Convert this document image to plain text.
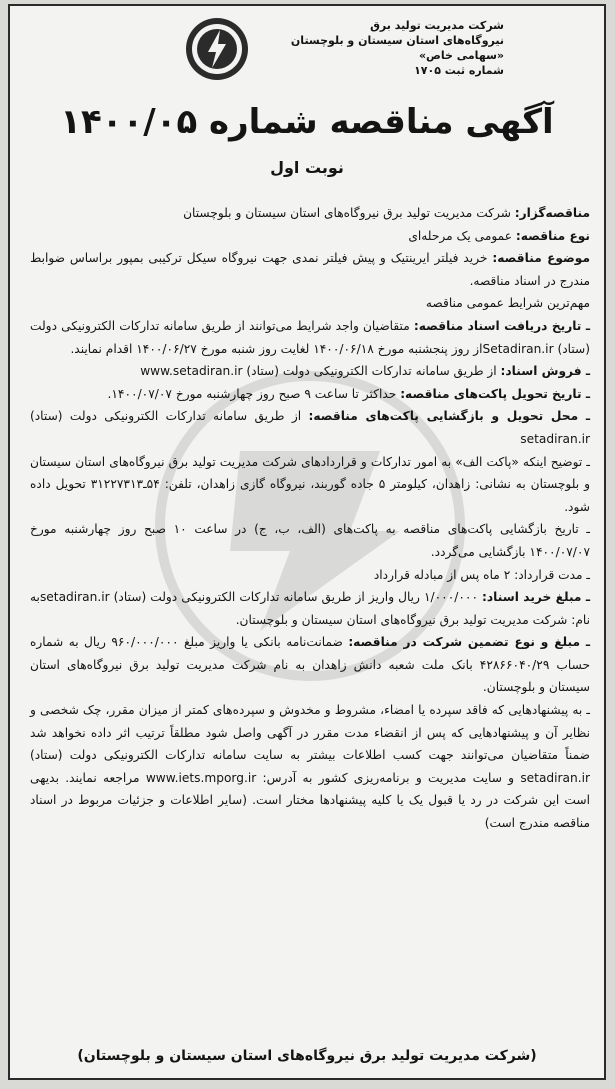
شرکت مدیریت تولید برق
نیروگاه‌های استان سیستان و بلوچستان
«سهامی خاص»
شماره ثبت ۱۷۰۵
آگهی مناقصه شماره ۱۴۰۰/۰۵
نوبت اول

مناقصه‌گزار: شرکت مدیریت تولید برق نیروگاه‌های استان سیستان و بلوچستان

نوع مناقصه: عمومی یک مرحله‌ای

موضوع مناقصه: خرید فیلتر ایرینتیک و پیش فیلتر نمدی جهت نیروگاه سیکل ترکیبی بمپور براساس ضوابط مندرج در اسناد مناقصه.

مهم‌ترین شرایط عمومی مناقصه

ـ تاریخ دریافت اسناد مناقصه: متقاضیان واجد شرایط می‌توانند از طریق سامانه تدارکات الکترونیکی دولت (ستاد) Setadiran.irاز روز پنجشنبه مورخ ۱۴۰۰/۰۶/۱۸ لغایت روز شنبه مورخ ۱۴۰۰/۰۶/۲۷ اقدام نمایند.

ـ فروش اسناد: از طریق سامانه تدارکات الکترونیکی دولت (ستاد) www.setadiran.ir

ـ تاریخ تحویل پاکت‌های مناقصه: حداکثر تا ساعت ۹ صبح روز چهارشنبه مورخ ۱۴۰۰/۰۷/۰۷.

ـ محل تحویل و بازگشایی پاکت‌های مناقصه: از طریق سامانه تدارکات الکترونیکی دولت (ستاد) setadiran.ir

ـ توضیح اینکه «پاکت الف» به امور تدارکات و قراردادهای شرکت مدیریت تولید برق نیروگاه‌های استان سیستان و بلوچستان به نشانی: زاهدان، کیلومتر ۵ جاده گوربند، نیروگاه گازی زاهدان، تلفن: ۵۴ـ۳۱۲۲۷۳۱۳ تحویل داده شود.

ـ تاریخ بازگشایی پاکت‌های مناقصه به پاکت‌های (الف، ب، ج) در ساعت ۱۰ صبح روز چهارشنبه مورخ ۱۴۰۰/۰۷/۰۷ بازگشایی می‌گردد.

ـ مدت قرارداد: ۲ ماه پس از مبادله قرارداد

ـ مبلغ خرید اسناد: ۱/۰۰۰/۰۰۰ ریال واریز از طریق سامانه تدارکات الکترونیکی دولت (ستاد) setadiran.irبه نام: شرکت مدیریت تولید برق نیروگاه‌های استان سیستان و بلوچستان.

ـ مبلغ و نوع تضمین شرکت در مناقصه: ضمانت‌نامه بانکی یا واریز مبلغ ۹۶۰/۰۰۰/۰۰۰ ریال به شماره حساب ۴۲۸۶۶۰۴۰/۲۹ بانک ملت شعبه دانش زاهدان به نام شرکت مدیریت تولید برق نیروگاه‌های استان سیستان و بلوچستان.

ـ به پیشنهادهایی که فاقد سپرده یا امضاء، مشروط و مخدوش و سپرده‌های کمتر از میزان مقرر، چک شخصی و نظایر آن و پیشنهادهایی که پس از انقضاء مدت مقرر در آگهی واصل شود مطلقاً ترتیب اثر داده نخواهد شد ضمناً متقاضیان می‌توانند جهت کسب اطلاعات بیشتر به سایت سامانه تدارکات الکترونیکی دولت (ستاد) setadiran.ir و سایت مدیریت و برنامه‌ریزی کشور به آدرس: www.iets.mporg.ir مراجعه نمایند. بدیهی است این شرکت در رد یا قبول یک یا کلیه پیشنهادها مختار است. (سایر اطلاعات و جزئیات مربوط در اسناد مناقصه مندرج است)

(شرکت مدیریت تولید برق نیروگاه‌های استان سیستان و بلوچستان)
